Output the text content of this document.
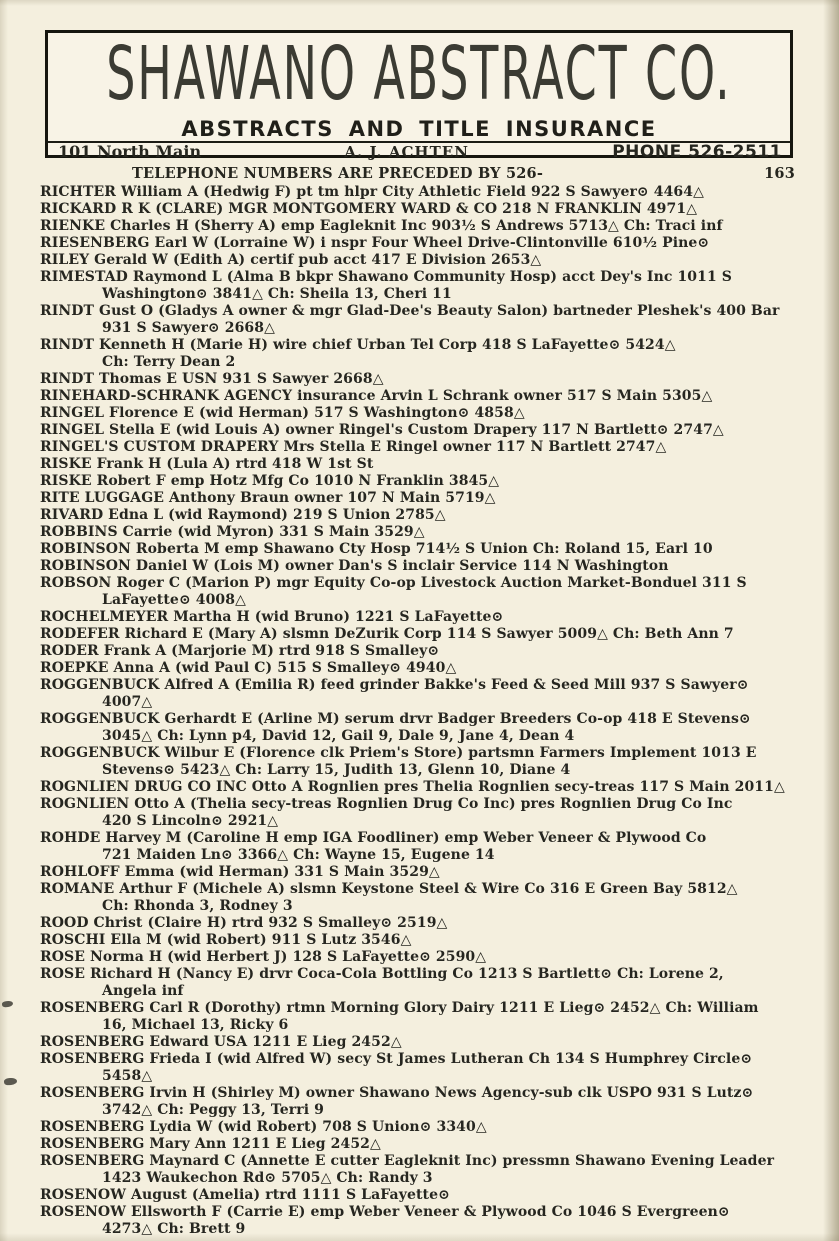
SHAWANO ABSTRACT CO.
ABSTRACTS AND TITLE INSURANCE
101 North Main	A. J. ACHTEN	PHONE 526-2511
TELEPHONE NUMBERS ARE PRECEDED BY 526-	163
RICHTER William A (Hedwig F) pt tm hlpr City Athletic Field 922 S Sawyer⊙ 4464△
RICKARD R K (CLARE) MGR MONTGOMERY WARD & CO 218 N FRANKLIN 4971△
RIENKE Charles H (Sherry A) emp Eagleknit Inc 903½ S Andrews 5713△ Ch: Traci inf
RIESENBERG Earl W (Lorraine W) i nspr Four Wheel Drive-Clintonville 610½ Pine⊙
RILEY Gerald W (Edith A) certif pub acct 417 E Division 2653△
RIMESTAD Raymond L (Alma B bkpr Shawano Community Hosp) acct Dey's Inc 1011 S
Washington⊙ 3841△ Ch: Sheila 13, Cheri 11
RINDT Gust O (Gladys A owner & mgr Glad-Dee's Beauty Salon) bartneder Pleshek's 400 Bar
931 S Sawyer⊙ 2668△
RINDT Kenneth H (Marie H) wire chief Urban Tel Corp 418 S LaFayette⊙ 5424△
Ch: Terry Dean 2
RINDT Thomas E USN 931 S Sawyer 2668△
RINEHARD-SCHRANK AGENCY insurance Arvin L Schrank owner 517 S Main 5305△
RINGEL Florence E (wid Herman) 517 S Washington⊙ 4858△
RINGEL Stella E (wid Louis A) owner Ringel's Custom Drapery 117 N Bartlett⊙ 2747△
RINGEL'S CUSTOM DRAPERY Mrs Stella E Ringel owner 117 N Bartlett 2747△
RISKE Frank H (Lula A) rtrd 418 W 1st St
RISKE Robert F emp Hotz Mfg Co 1010 N Franklin 3845△
RITE LUGGAGE Anthony Braun owner 107 N Main 5719△
RIVARD Edna L (wid Raymond) 219 S Union 2785△
ROBBINS Carrie (wid Myron) 331 S Main 3529△
ROBINSON Roberta M emp Shawano Cty Hosp 714½ S Union Ch: Roland 15, Earl 10
ROBINSON Daniel W (Lois M) owner Dan's S inclair Service 114 N Washington
ROBSON Roger C (Marion P) mgr Equity Co-op Livestock Auction Market-Bonduel 311 S
LaFayette⊙ 4008△
ROCHELMEYER Martha H (wid Bruno) 1221 S LaFayette⊙
RODEFER Richard E (Mary A) slsmn DeZurik Corp 114 S Sawyer 5009△ Ch: Beth Ann 7
RODER Frank A (Marjorie M) rtrd 918 S Smalley⊙
ROEPKE Anna A (wid Paul C) 515 S Smalley⊙ 4940△
ROGGENBUCK Alfred A (Emilia R) feed grinder Bakke's Feed & Seed Mill 937 S Sawyer⊙
4007△
ROGGENBUCK Gerhardt E (Arline M) serum drvr Badger Breeders Co-op 418 E Stevens⊙
3045△ Ch: Lynn p4, David 12, Gail 9, Dale 9, Jane 4, Dean 4
ROGGENBUCK Wilbur E (Florence clk Priem's Store) partsmn Farmers Implement 1013 E
Stevens⊙ 5423△ Ch: Larry 15, Judith 13, Glenn 10, Diane 4
ROGNLIEN DRUG CO INC Otto A Rognlien pres Thelia Rognlien secy-treas 117 S Main 2011△
ROGNLIEN Otto A (Thelia secy-treas Rognlien Drug Co Inc) pres Rognlien Drug Co Inc
420 S Lincoln⊙ 2921△
ROHDE Harvey M (Caroline H emp IGA Foodliner) emp Weber Veneer & Plywood Co
721 Maiden Ln⊙ 3366△ Ch: Wayne 15, Eugene 14
ROHLOFF Emma (wid Herman) 331 S Main 3529△
ROMANE Arthur F (Michele A) slsmn Keystone Steel & Wire Co 316 E Green Bay 5812△
Ch: Rhonda 3, Rodney 3
ROOD Christ (Claire H) rtrd 932 S Smalley⊙ 2519△
ROSCHI Ella M (wid Robert) 911 S Lutz 3546△
ROSE Norma H (wid Herbert J) 128 S LaFayette⊙ 2590△
ROSE Richard H (Nancy E) drvr Coca-Cola Bottling Co 1213 S Bartlett⊙ Ch: Lorene 2,
Angela inf
ROSENBERG Carl R (Dorothy) rtmn Morning Glory Dairy 1211 E Lieg⊙ 2452△ Ch: William
16, Michael 13, Ricky 6
ROSENBERG Edward USA 1211 E Lieg 2452△
ROSENBERG Frieda I (wid Alfred W) secy St James Lutheran Ch 134 S Humphrey Circle⊙
5458△
ROSENBERG Irvin H (Shirley M) owner Shawano News Agency-sub clk USPO 931 S Lutz⊙
3742△ Ch: Peggy 13, Terri 9
ROSENBERG Lydia W (wid Robert) 708 S Union⊙ 3340△
ROSENBERG Mary Ann 1211 E Lieg 2452△
ROSENBERG Maynard C (Annette E cutter Eagleknit Inc) pressmn Shawano Evening Leader
1423 Waukechon Rd⊙ 5705△ Ch: Randy 3
ROSENOW August (Amelia) rtrd 1111 S LaFayette⊙
ROSENOW Ellsworth F (Carrie E) emp Weber Veneer & Plywood Co 1046 S Evergreen⊙
4273△ Ch: Brett 9
